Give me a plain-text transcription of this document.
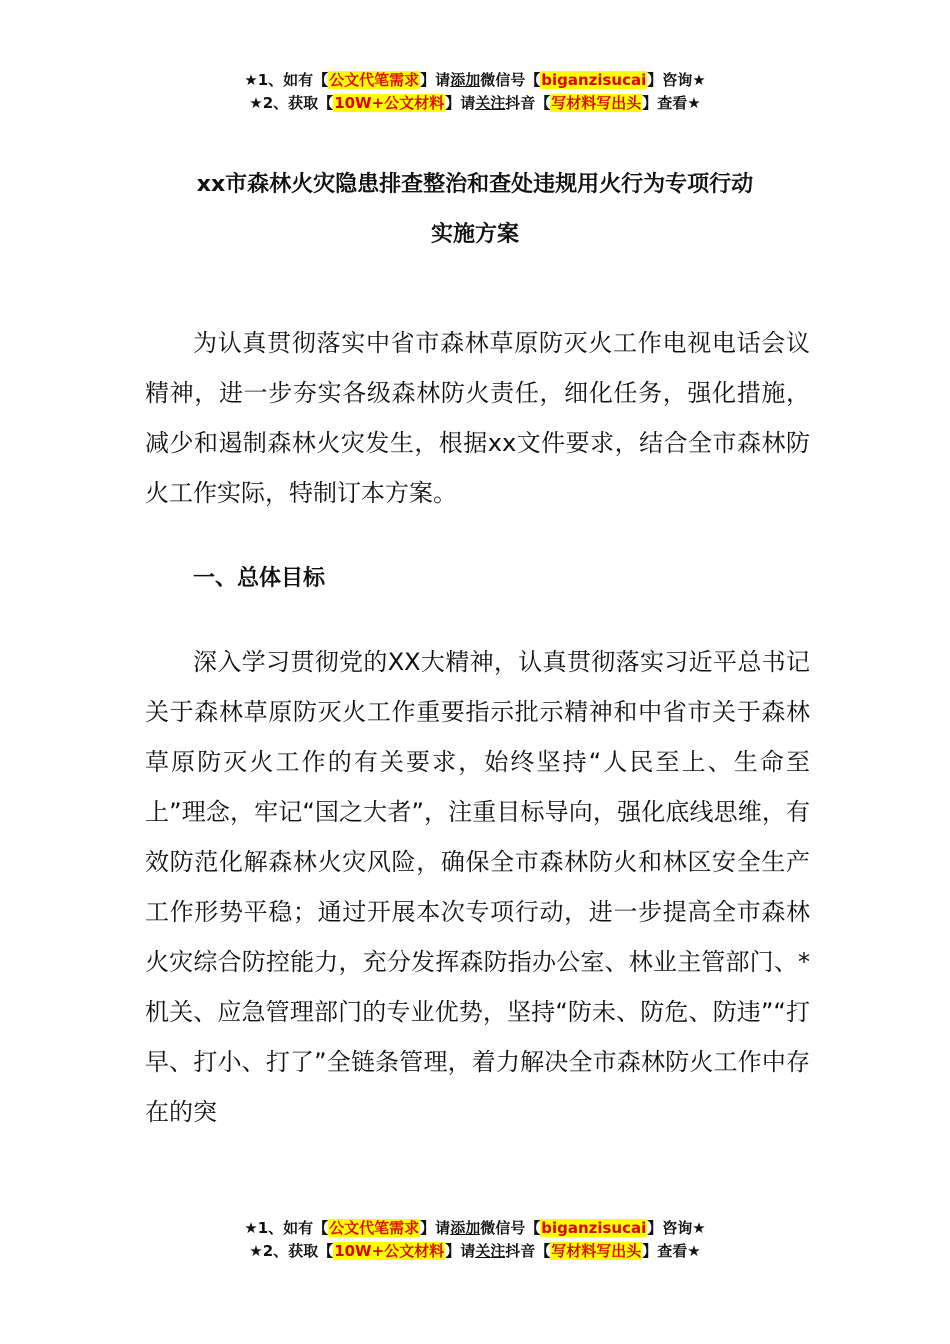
★1、如有【公文代笔需求】请添加微信号【biganzisucai】咨询★
★2、获取【10W+公文材料】请关注抖音【写材料写出头】查看★
xx市森林火灾隐患排查整治和查处违规用火行为专项行动
实施方案

为认真贯彻落实中省市森林草原防灭火工作电视电话会议精神，进一步夯实各级森林防火责任，细化任务，强化措施，减少和遏制森林火灾发生，根据xx文件要求，结合全市森林防火工作实际，特制订本方案。

一、总体目标

深入学习贯彻党的XX大精神，认真贯彻落实习近平总书记关于森林草原防灭火工作重要指示批示精神和中省市关于森林草原防灭火工作的有关要求，始终坚持“人民至上、生命至上”理念，牢记“国之大者”，注重目标导向，强化底线思维，有效防范化解森林火灾风险，确保全市森林防火和林区安全生产工作形势平稳；通过开展本次专项行动，进一步提高全市森林火灾综合防控能力，充分发挥森防指办公室、林业主管部门、*机关、应急管理部门的专业优势，坚持“防未、防危、防违”“打早、打小、打了”全链条管理，着力解决全市森林防火工作中存在的突

★1、如有【公文代笔需求】请添加微信号【biganzisucai】咨询★
★2、获取【10W+公文材料】请关注抖音【写材料写出头】查看★
